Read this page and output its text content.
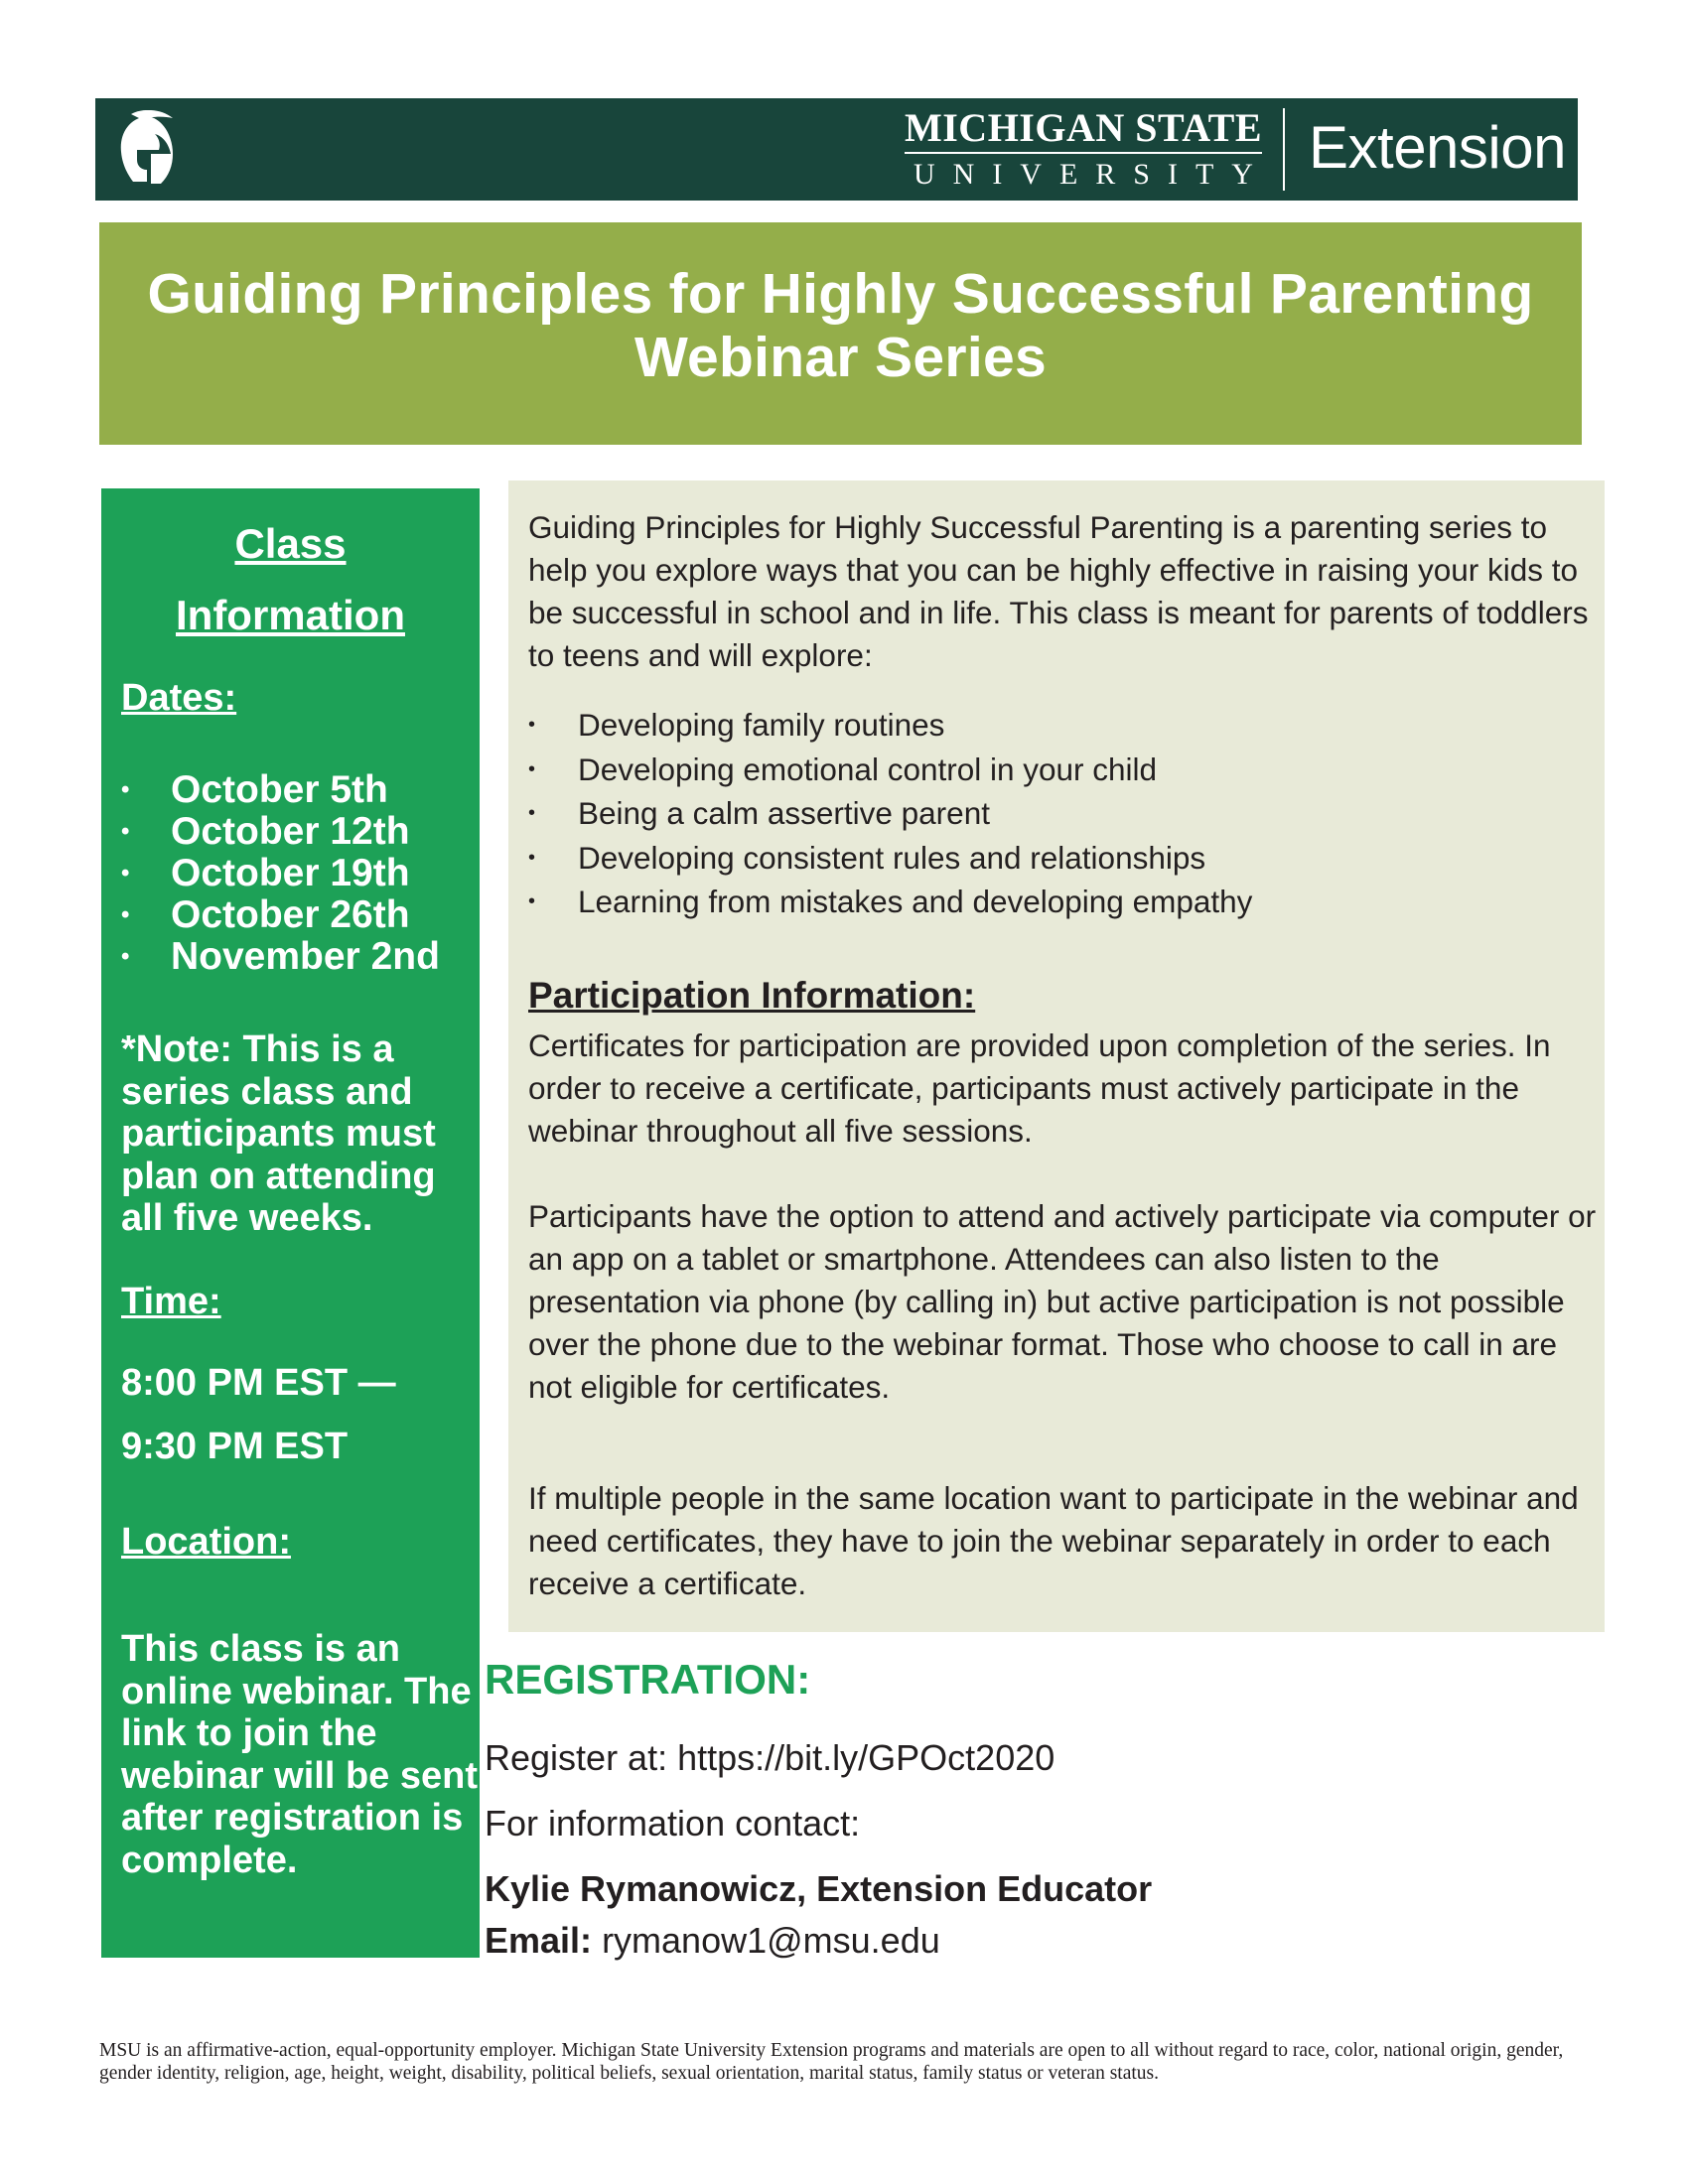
MICHIGAN STATE
UNIVERSITY Extension
Guiding Principles for Highly Successful Parenting
Webinar Series
Class
Information
Dates:
• October 5th
• October 12th
• October 19th
• October 26th
• November 2nd
*Note: This is a series class and participants must plan on attending all five weeks.
Time:
8:00 PM EST —
9:30 PM EST
Location:
This class is an online webinar. The link to join the webinar will be sent after registration is complete.
Guiding Principles for Highly Successful Parenting is a parenting series to help you explore ways that you can be highly effective in raising your kids to be successful in school and in life. This class is meant for parents of toddlers to teens and will explore:
• Developing family routines
• Developing emotional control in your child
• Being a calm assertive parent
• Developing consistent rules and relationships
• Learning from mistakes and developing empathy
Participation Information:
Certificates for participation are provided upon completion of the series. In order to receive a certificate, participants must actively participate in the webinar throughout all five sessions.
Participants have the option to attend and actively participate via computer or an app on a tablet or smartphone. Attendees can also listen to the presentation via phone (by calling in) but active participation is not possible over the phone due to the webinar format. Those who choose to call in are not eligible for certificates.
If multiple people in the same location want to participate in the webinar and need certificates, they have to join the webinar separately in order to each receive a certificate.
REGISTRATION:
Register at: https://bit.ly/GPOct2020
For information contact:
Kylie Rymanowicz, Extension Educator
Email: rymanow1@msu.edu
MSU is an affirmative-action, equal-opportunity employer. Michigan State University Extension programs and materials are open to all without regard to race, color, national origin, gender, gender identity, religion, age, height, weight, disability, political beliefs, sexual orientation, marital status, family status or veteran status.
